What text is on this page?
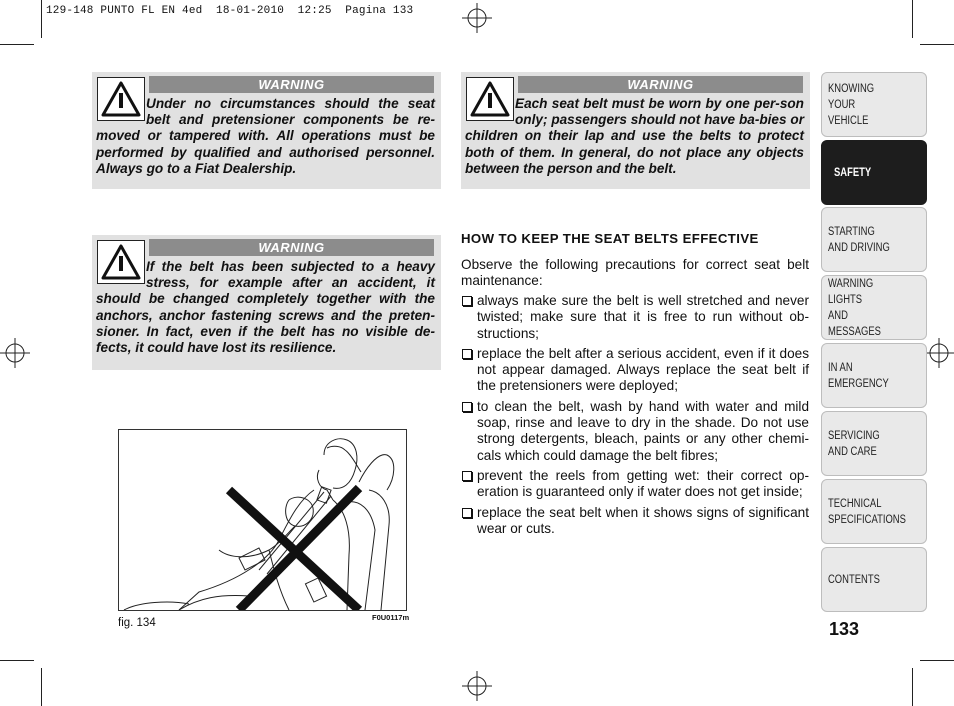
129-148 PUNTO FL EN 4ed 18-01-2010 12:25 Pagina 133
WARNING
Under no circumstances should the seat belt and pretensioner components be re-moved or tampered with. All operations must be performed by qualified and authorised personnel. Always go to a Fiat Dealership.
WARNING
Each seat belt must be worn by one per-son only; passengers should not have ba-bies or children on their lap and use the belts to protect both of them. In general, do not place any objects between the person and the belt.
WARNING
If the belt has been subjected to a heavy stress, for example after an accident, it should be changed completely together with the anchors, anchor fastening screws and the preten-sioner. In fact, even if the belt has no visible de-fects, it could have lost its resilience.
HOW TO KEEP THE SEAT BELTS EFFECTIVE
Observe the following precautions for correct seat belt maintenance:
always make sure the belt is well stretched and never twisted; make sure that it is free to run without ob-structions;
replace the belt after a serious accident, even if it does not appear damaged. Always replace the seat belt if the pretensioners were deployed;
to clean the belt, wash by hand with water and mild soap, rinse and leave to dry in the shade. Do not use strong detergents, bleach, paints or any other chemi-cals which could damage the belt fibres;
prevent the reels from getting wet: their correct op-eration is guaranteed only if water does not get inside;
replace the seat belt when it shows signs of significant wear or cuts.
fig. 134	F0U0117m
KNOWING
YOUR
VEHICLE
SAFETY
STARTING
AND DRIVING
WARNING LIGHTS
AND MESSAGES
IN AN
EMERGENCY
SERVICING
AND CARE
TECHNICAL
SPECIFICATIONS
CONTENTS
133
